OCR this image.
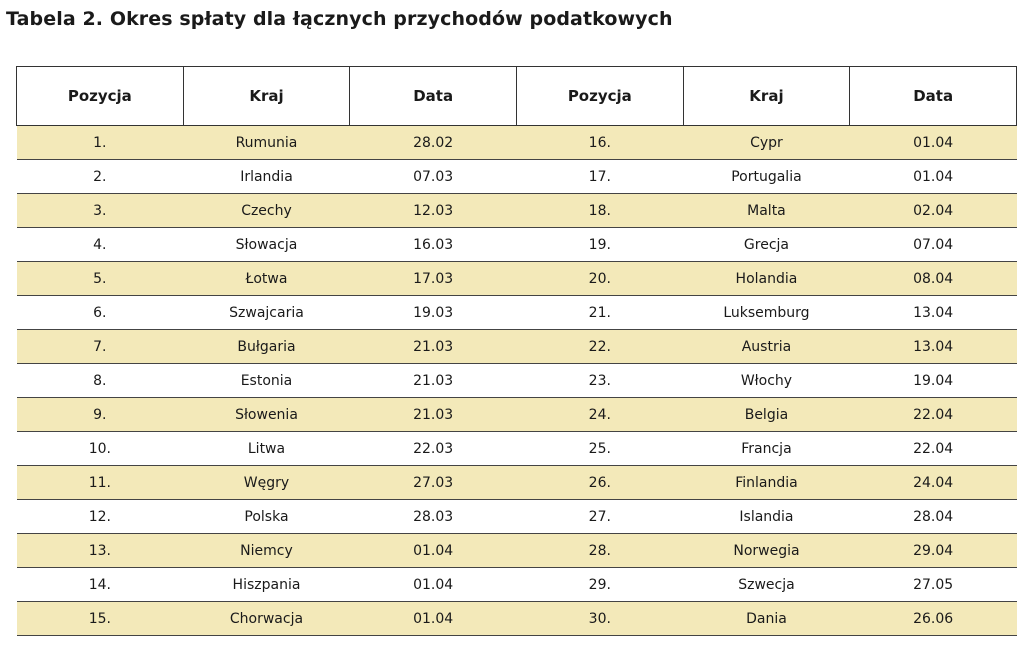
Tabela 2. Okres spłaty dla łącznych przychodów podatkowych
Pozycja	Kraj	Data	Pozycja	Kraj	Data
1.	Rumunia	28.02	16.	Cypr	01.04
2.	Irlandia	07.03	17.	Portugalia	01.04
3.	Czechy	12.03	18.	Malta	02.04
4.	Słowacja	16.03	19.	Grecja	07.04
5.	Łotwa	17.03	20.	Holandia	08.04
6.	Szwajcaria	19.03	21.	Luksemburg	13.04
7.	Bułgaria	21.03	22.	Austria	13.04
8.	Estonia	21.03	23.	Włochy	19.04
9.	Słowenia	21.03	24.	Belgia	22.04
10.	Litwa	22.03	25.	Francja	22.04
11.	Węgry	27.03	26.	Finlandia	24.04
12.	Polska	28.03	27.	Islandia	28.04
13.	Niemcy	01.04	28.	Norwegia	29.04
14.	Hiszpania	01.04	29.	Szwecja	27.05
15.	Chorwacja	01.04	30.	Dania	26.06
